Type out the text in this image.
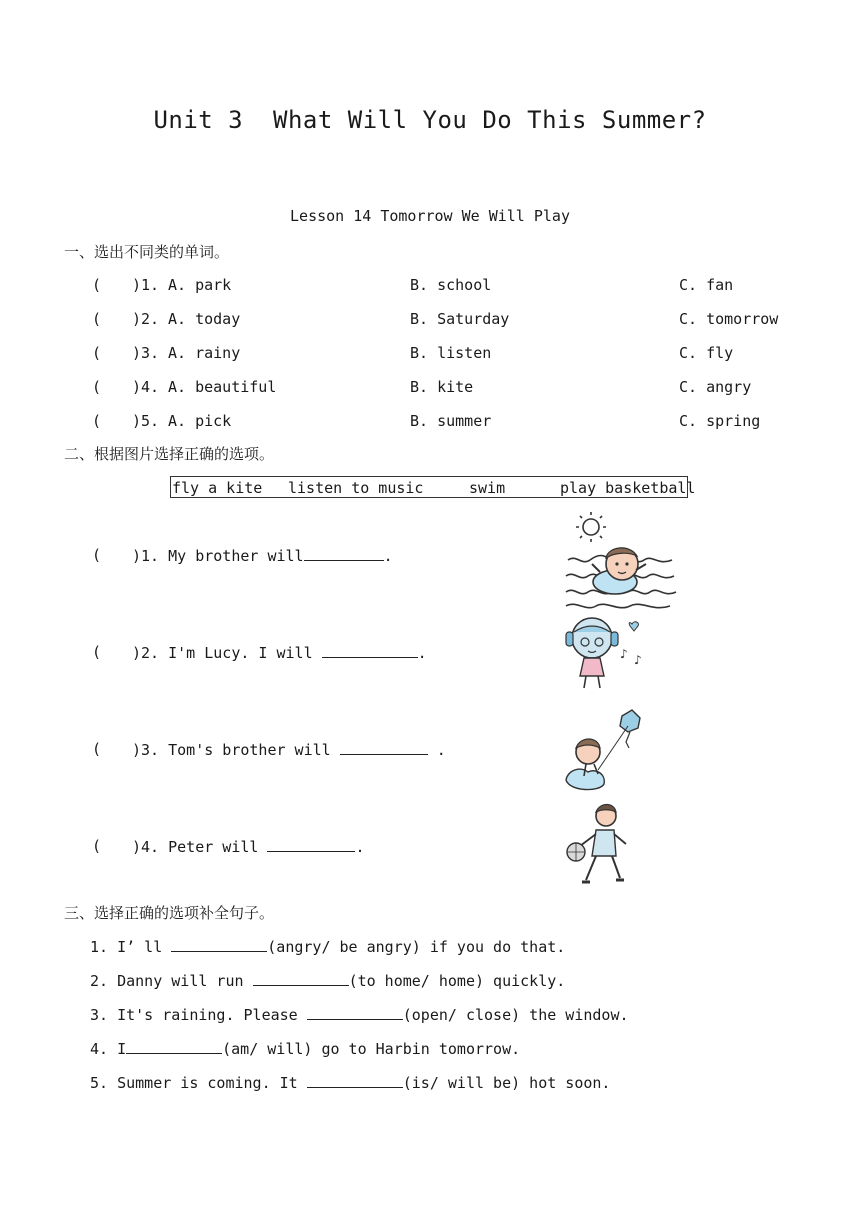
Unit 3  What Will You Do This Summer?
Lesson 14 Tomorrow We Will Play
一、选出不同类的单词。
( )1. A. park	B. school	C. fan
( )2. A. today	B. Saturday	C. tomorrow
( )3. A. rainy	B. listen	C. fly
( )4. A. beautiful	B. kite	C. angry
( )5. A. pick	B. summer	C. spring
二、根据图片选择正确的选项。
fly a kite listen to music	swim	play basketball
( )1. My brother will	.
( )2. I'm Lucy. I will	.
( )3. Tom's brother will	.
( )4. Peter will	.
♪ ♪
三、选择正确的选项补全句子。
1. I’ ll	(angry/ be angry) if you do that.
2. Danny will run	(to home/ home) quickly.
3. It's raining. Please	(open/ close) the window.
4. I	(am/ will) go to Harbin tomorrow.
5. Summer is coming. It	(is/ will be) hot soon.
